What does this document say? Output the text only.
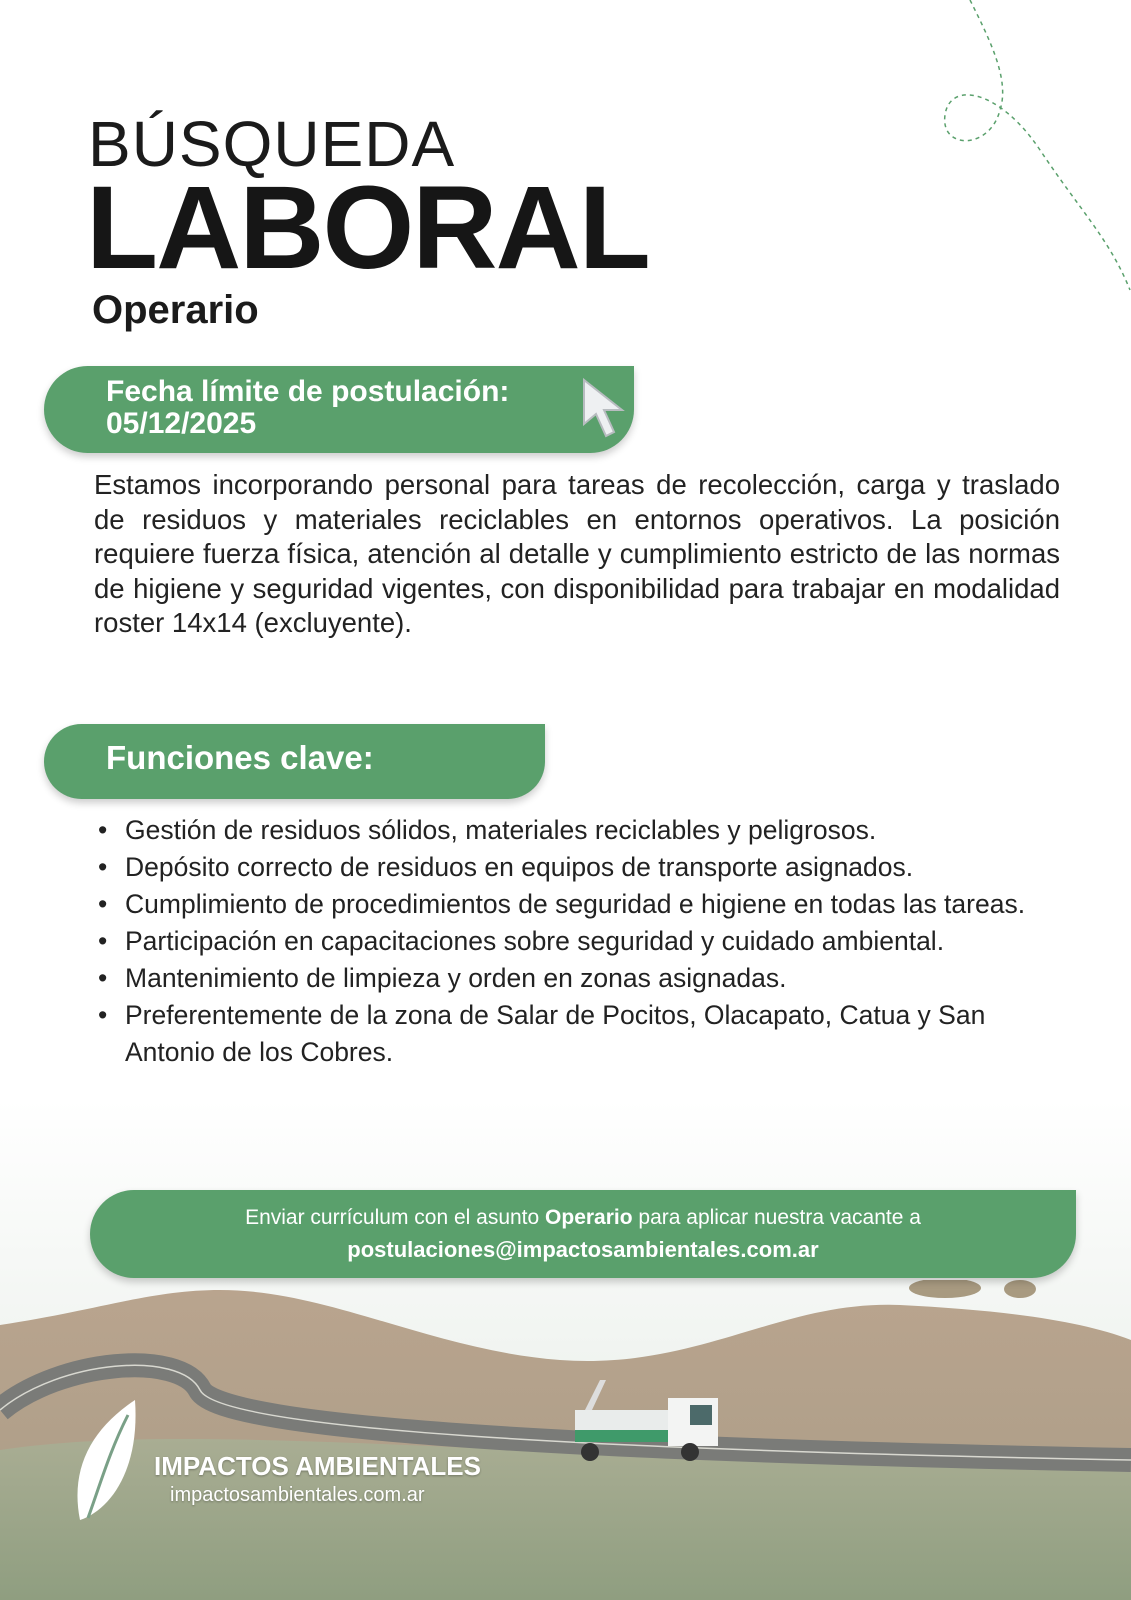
BÚSQUEDA
LABORAL
Operario
Fecha límite de postulación:
05/12/2025

Estamos incorporando personal para tareas de recolección, carga y traslado de residuos y materiales reciclables en entornos operativos. La posición requiere fuerza física, atención al detalle y cumplimiento estricto de las normas de higiene y seguridad vigentes, con disponibilidad para trabajar en modalidad roster 14x14 (excluyente).

Funciones clave:
• Gestión de residuos sólidos, materiales reciclables y peligrosos.
• Depósito correcto de residuos en equipos de transporte asignados.
• Cumplimiento de procedimientos de seguridad e higiene en todas las tareas.
• Participación en capacitaciones sobre seguridad y cuidado ambiental.
• Mantenimiento de limpieza y orden en zonas asignadas.
• Preferentemente de la zona de Salar de Pocitos, Olacapato, Catua y San Antonio de los Cobres.
Enviar currículum con el asunto Operario para aplicar nuestra vacante a
postulaciones@impactosambientales.com.ar
IMPACTOS AMBIENTALES
impactosambientales.com.ar
